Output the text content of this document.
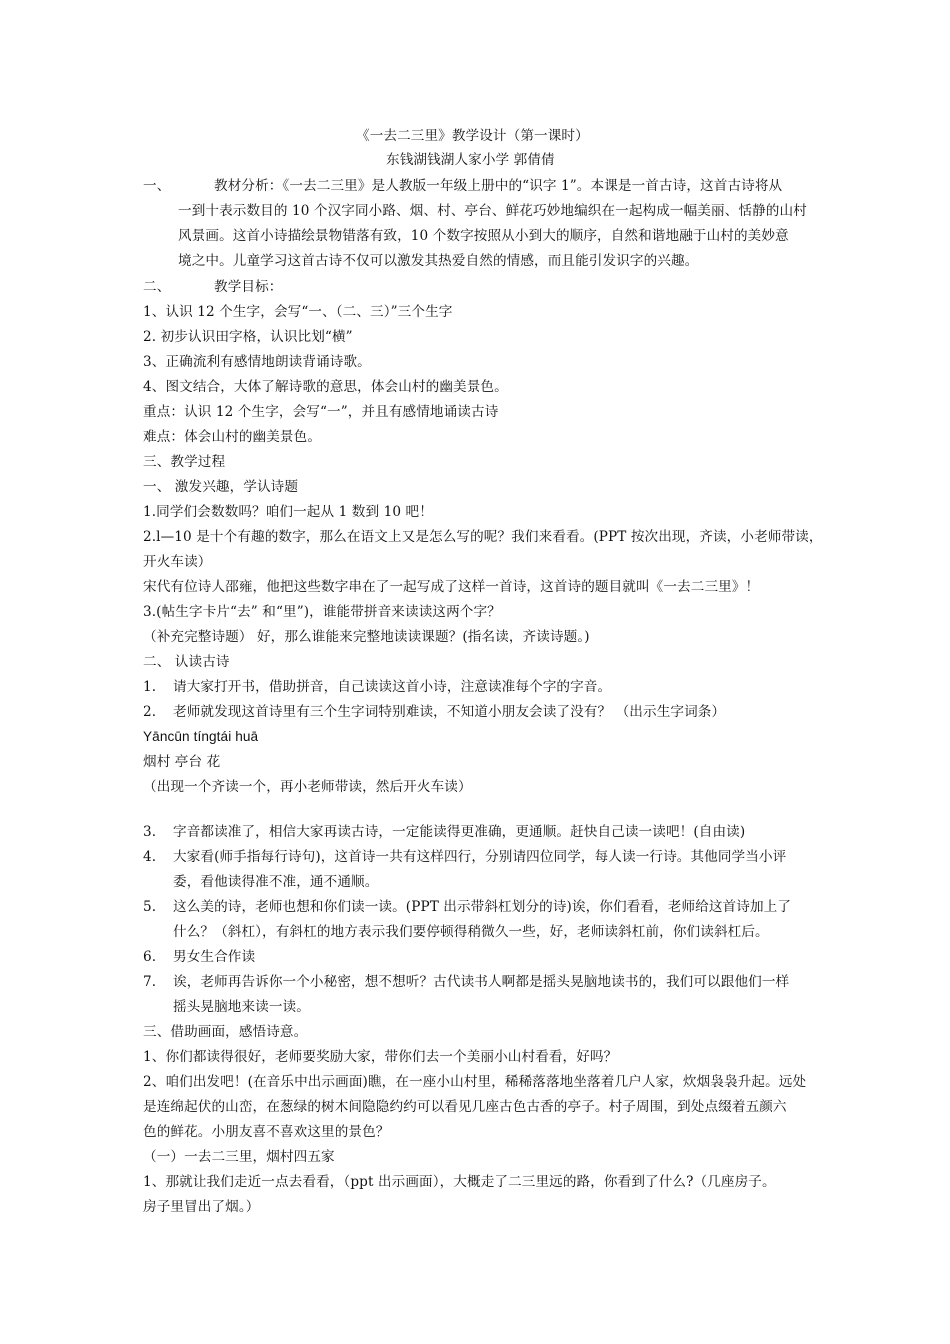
《一去二三里》教学设计（第一课时）
东钱湖钱湖人家小学 郭倩倩
一、	教材分析：《一去二三里》是人教版一年级上册中的“识字 1”。本课是一首古诗，这首古诗将从
一到十表示数目的 10 个汉字同小路、烟、村、亭台、鲜花巧妙地编织在一起构成一幅美丽、恬静的山村
风景画。这首小诗描绘景物错落有致，10 个数字按照从小到大的顺序，自然和谐地融于山村的美妙意
境之中。儿童学习这首古诗不仅可以激发其热爱自然的情感，而且能引发识字的兴趣。
二、	教学目标：
1、认识 12 个生字，会写“一、（二、三）”三个生字
2. 初步认识田字格，认识比划“横”
3、正确流利有感情地朗读背诵诗歌。
4、图文结合，大体了解诗歌的意思，体会山村的幽美景色。
重点：认识 12 个生字，会写“一”，并且有感情地诵读古诗
难点：体会山村的幽美景色。
三、教学过程
一、 激发兴趣，学认诗题
1.同学们会数数吗？咱们一起从 1 数到 10 吧！
2.l—10 是十个有趣的数字，那么在语文上又是怎么写的呢？我们来看看。(PPT 按次出现，齐读，小老师带读，
开火车读）
宋代有位诗人邵雍，他把这些数字串在了一起写成了这样一首诗，这首诗的题目就叫《一去二三里》！
3.(帖生字卡片“去” 和“里”)，谁能带拼音来读读这两个字？
（补充完整诗题） 好，那么谁能来完整地读读课题？(指名读，齐读诗题。)
二、 认读古诗
1. 请大家打开书，借助拼音，自己读读这首小诗，注意读准每个字的字音。
2. 老师就发现这首诗里有三个生字词特别难读，不知道小朋友会读了没有？ （出示生字词条）
Yāncūn tíngtái huā
烟村 亭台 花
（出现一个齐读一个，再小老师带读，然后开火车读）
3. 字音都读准了，相信大家再读古诗，一定能读得更准确，更通顺。赶快自己读一读吧！(自由读)
4. 大家看(师手指每行诗句)，这首诗一共有这样四行，分别请四位同学，每人读一行诗。其他同学当小评
委，看他读得准不准，通不通顺。
5. 这么美的诗，老师也想和你们读一读。(PPT 出示带斜杠划分的诗)诶，你们看看，老师给这首诗加上了
什么？（斜杠），有斜杠的地方表示我们要停顿得稍微久一些，好，老师读斜杠前，你们读斜杠后。
6. 男女生合作读
7. 诶，老师再告诉你一个小秘密，想不想听？古代读书人啊都是摇头晃脑地读书的，我们可以跟他们一样
摇头晃脑地来读一读。
三、借助画面，感悟诗意。
1、你们都读得很好，老师要奖励大家，带你们去一个美丽小山村看看，好吗？
2、咱们出发吧！(在音乐中出示画面)瞧，在一座小山村里，稀稀落落地坐落着几户人家，炊烟袅袅升起。远处
是连绵起伏的山峦，在葱绿的树木间隐隐约约可以看见几座古色古香的亭子。村子周围，到处点缀着五颜六
色的鲜花。小朋友喜不喜欢这里的景色？
（一）一去二三里，烟村四五家
1、那就让我们走近一点去看看，（ppt 出示画面），大概走了二三里远的路，你看到了什么?（几座房子。
房子里冒出了烟。）
